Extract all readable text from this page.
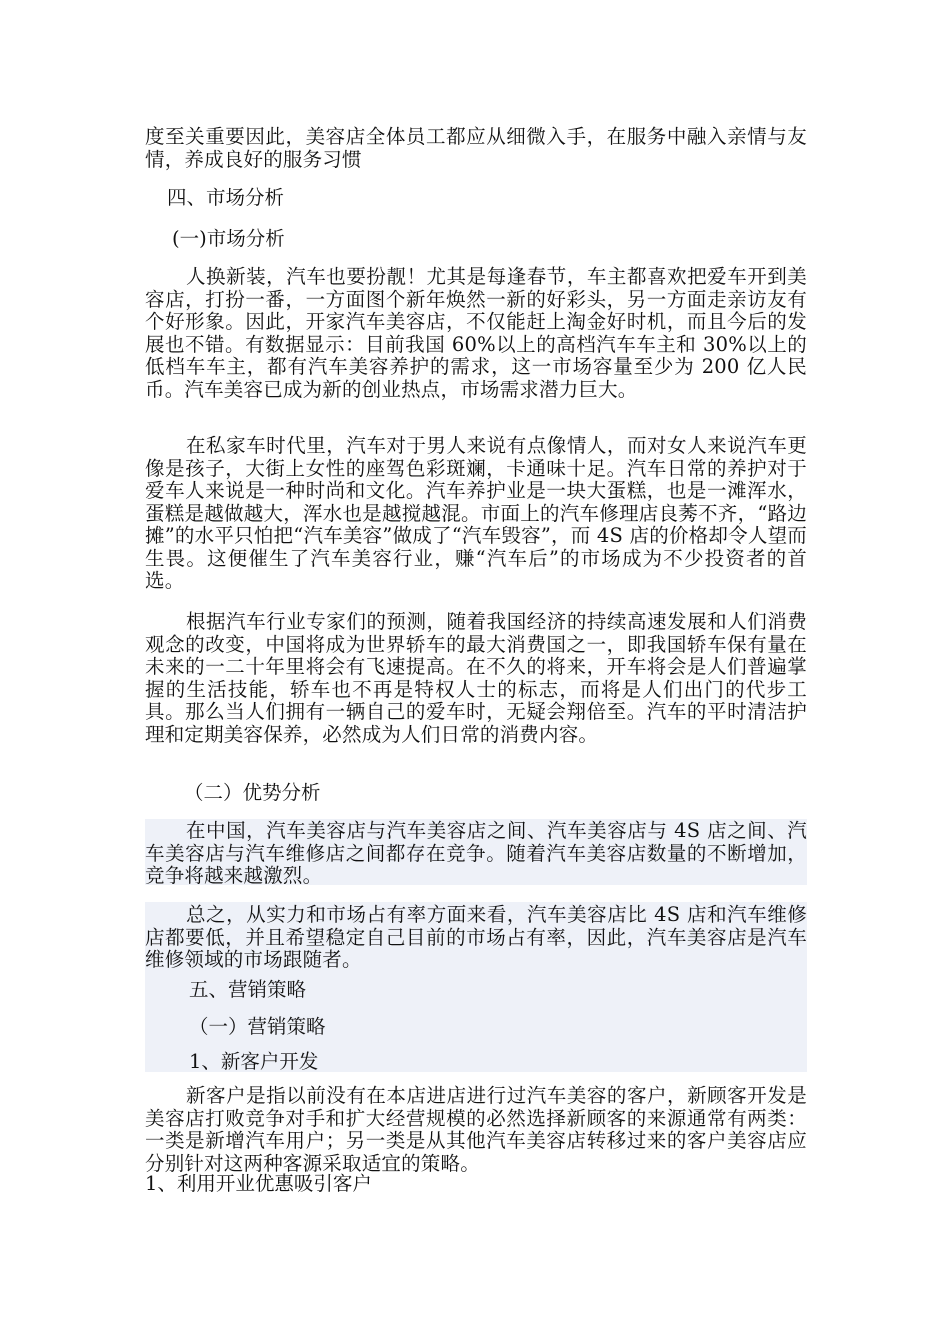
度至关重要因此，美容店全体员工都应从细微入手，在服务中融入亲情与友情，养成良好的服务习惯

四、市场分析

(一)市场分析

人换新装，汽车也要扮靓！尤其是每逢春节，车主都喜欢把爱车开到美容店，打扮一番，一方面图个新年焕然一新的好彩头，另一方面走亲访友有个好形象。因此，开家汽车美容店，不仅能赶上淘金好时机，而且今后的发展也不错。有数据显示：目前我国 60%以上的高档汽车车主和 30%以上的低档车车主，都有汽车美容养护的需求，这一市场容量至少为 200 亿人民币。汽车美容已成为新的创业热点，市场需求潜力巨大。

在私家车时代里，汽车对于男人来说有点像情人，而对女人来说汽车更像是孩子，大街上女性的座驾色彩斑斓，卡通味十足。汽车日常的养护对于爱车人来说是一种时尚和文化。汽车养护业是一块大蛋糕，也是一滩浑水，蛋糕是越做越大，浑水也是越搅越混。市面上的汽车修理店良莠不齐，“路边摊”的水平只怕把“汽车美容”做成了“汽车毁容”，而 4S 店的价格却令人望而生畏。这便催生了汽车美容行业，赚“汽车后”的市场成为不少投资者的首选。

根据汽车行业专家们的预测，随着我国经济的持续高速发展和人们消费观念的改变，中国将成为世界轿车的最大消费国之一，即我国轿车保有量在未来的一二十年里将会有飞速提高。在不久的将来，开车将会是人们普遍掌握的生活技能，轿车也不再是特权人士的标志，而将是人们出门的代步工具。那么当人们拥有一辆自己的爱车时，无疑会翔倍至。汽车的平时清洁护理和定期美容保养，必然成为人们日常的消费内容。

（二）优势分析

在中国，汽车美容店与汽车美容店之间、汽车美容店与 4S 店之间、汽车美容店与汽车维修店之间都存在竞争。随着汽车美容店数量的不断增加，竞争将越来越激烈。

总之，从实力和市场占有率方面来看，汽车美容店比 4S 店和汽车维修店都要低，并且希望稳定自己目前的市场占有率，因此，汽车美容店是汽车维修领域的市场跟随者。

五、营销策略

（一）营销策略

1、新客户开发

新客户是指以前没有在本店进店进行过汽车美容的客户，新顾客开发是美容店打败竞争对手和扩大经营规模的必然选择新顾客的来源通常有两类：一类是新增汽车用户；另一类是从其他汽车美容店转移过来的客户美容店应分别针对这两种客源采取适宜的策略。

1、利用开业优惠吸引客户
